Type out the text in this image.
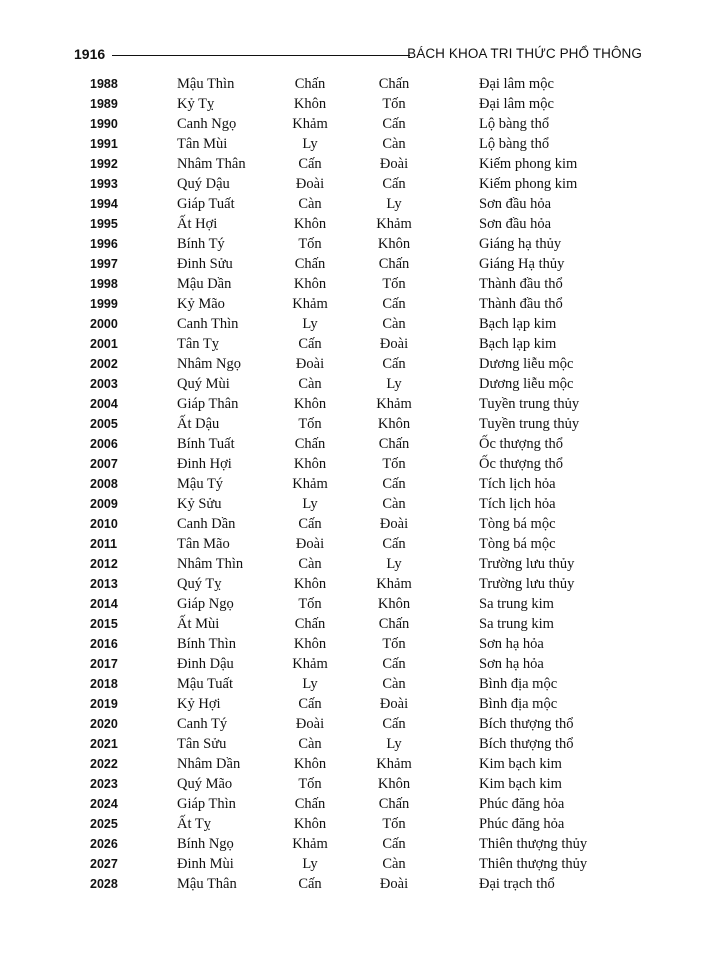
1916	BÁCH KHOA TRI THỨC PHỔ THÔNG
1988	Mậu Thìn	Chấn	Chấn	Đại lâm mộc
1989	Kỷ Tỵ	Khôn	Tốn	Đại lâm mộc
1990	Canh Ngọ	Khảm	Cấn	Lộ bàng thổ
1991	Tân Mùi	Ly	Càn	Lộ bàng thổ
1992	Nhâm Thân	Cấn	Đoài	Kiếm phong kim
1993	Quý Dậu	Đoài	Cấn	Kiếm phong kim
1994	Giáp Tuất	Càn	Ly	Sơn đầu hỏa
1995	Ất Hợi	Khôn	Khảm	Sơn đầu hỏa
1996	Bính Tý	Tốn	Khôn	Giáng hạ thủy
1997	Đinh Sửu	Chấn	Chấn	Giáng Hạ thủy
1998	Mậu Dần	Khôn	Tốn	Thành đầu thổ
1999	Kỷ Mão	Khảm	Cấn	Thành đầu thổ
2000	Canh Thìn	Ly	Càn	Bạch lạp kim
2001	Tân Tỵ	Cấn	Đoài	Bạch lạp kim
2002	Nhâm Ngọ	Đoài	Cấn	Dương liễu mộc
2003	Quý Mùi	Càn	Ly	Dương liễu mộc
2004	Giáp Thân	Khôn	Khảm	Tuyền trung thủy
2005	Ất Dậu	Tốn	Khôn	Tuyền trung thủy
2006	Bính Tuất	Chấn	Chấn	Ốc thượng thổ
2007	Đinh Hợi	Khôn	Tốn	Ốc thượng thổ
2008	Mậu Tý	Khảm	Cấn	Tích lịch hỏa
2009	Kỷ Sửu	Ly	Càn	Tích lịch hỏa
2010	Canh Dần	Cấn	Đoài	Tòng bá mộc
2011	Tân Mão	Đoài	Cấn	Tòng bá mộc
2012	Nhâm Thìn	Càn	Ly	Trường lưu thủy
2013	Quý Tỵ	Khôn	Khảm	Trường lưu thủy
2014	Giáp Ngọ	Tốn	Khôn	Sa trung kim
2015	Ất Mùi	Chấn	Chấn	Sa trung kim
2016	Bính Thìn	Khôn	Tốn	Sơn hạ hỏa
2017	Đinh Dậu	Khảm	Cấn	Sơn hạ hỏa
2018	Mậu Tuất	Ly	Càn	Bình địa mộc
2019	Kỷ Hợi	Cấn	Đoài	Bình địa mộc
2020	Canh Tý	Đoài	Cấn	Bích thượng thổ
2021	Tân Sửu	Càn	Ly	Bích thượng thổ
2022	Nhâm Dần	Khôn	Khảm	Kim bạch kim
2023	Quý Mão	Tốn	Khôn	Kim bạch kim
2024	Giáp Thìn	Chấn	Chấn	Phúc đăng hỏa
2025	Ất Tỵ	Khôn	Tốn	Phúc đăng hỏa
2026	Bính Ngọ	Khảm	Cấn	Thiên thượng thủy
2027	Đinh Mùi	Ly	Càn	Thiên thượng thủy
2028	Mậu Thân	Cấn	Đoài	Đại trạch thổ
